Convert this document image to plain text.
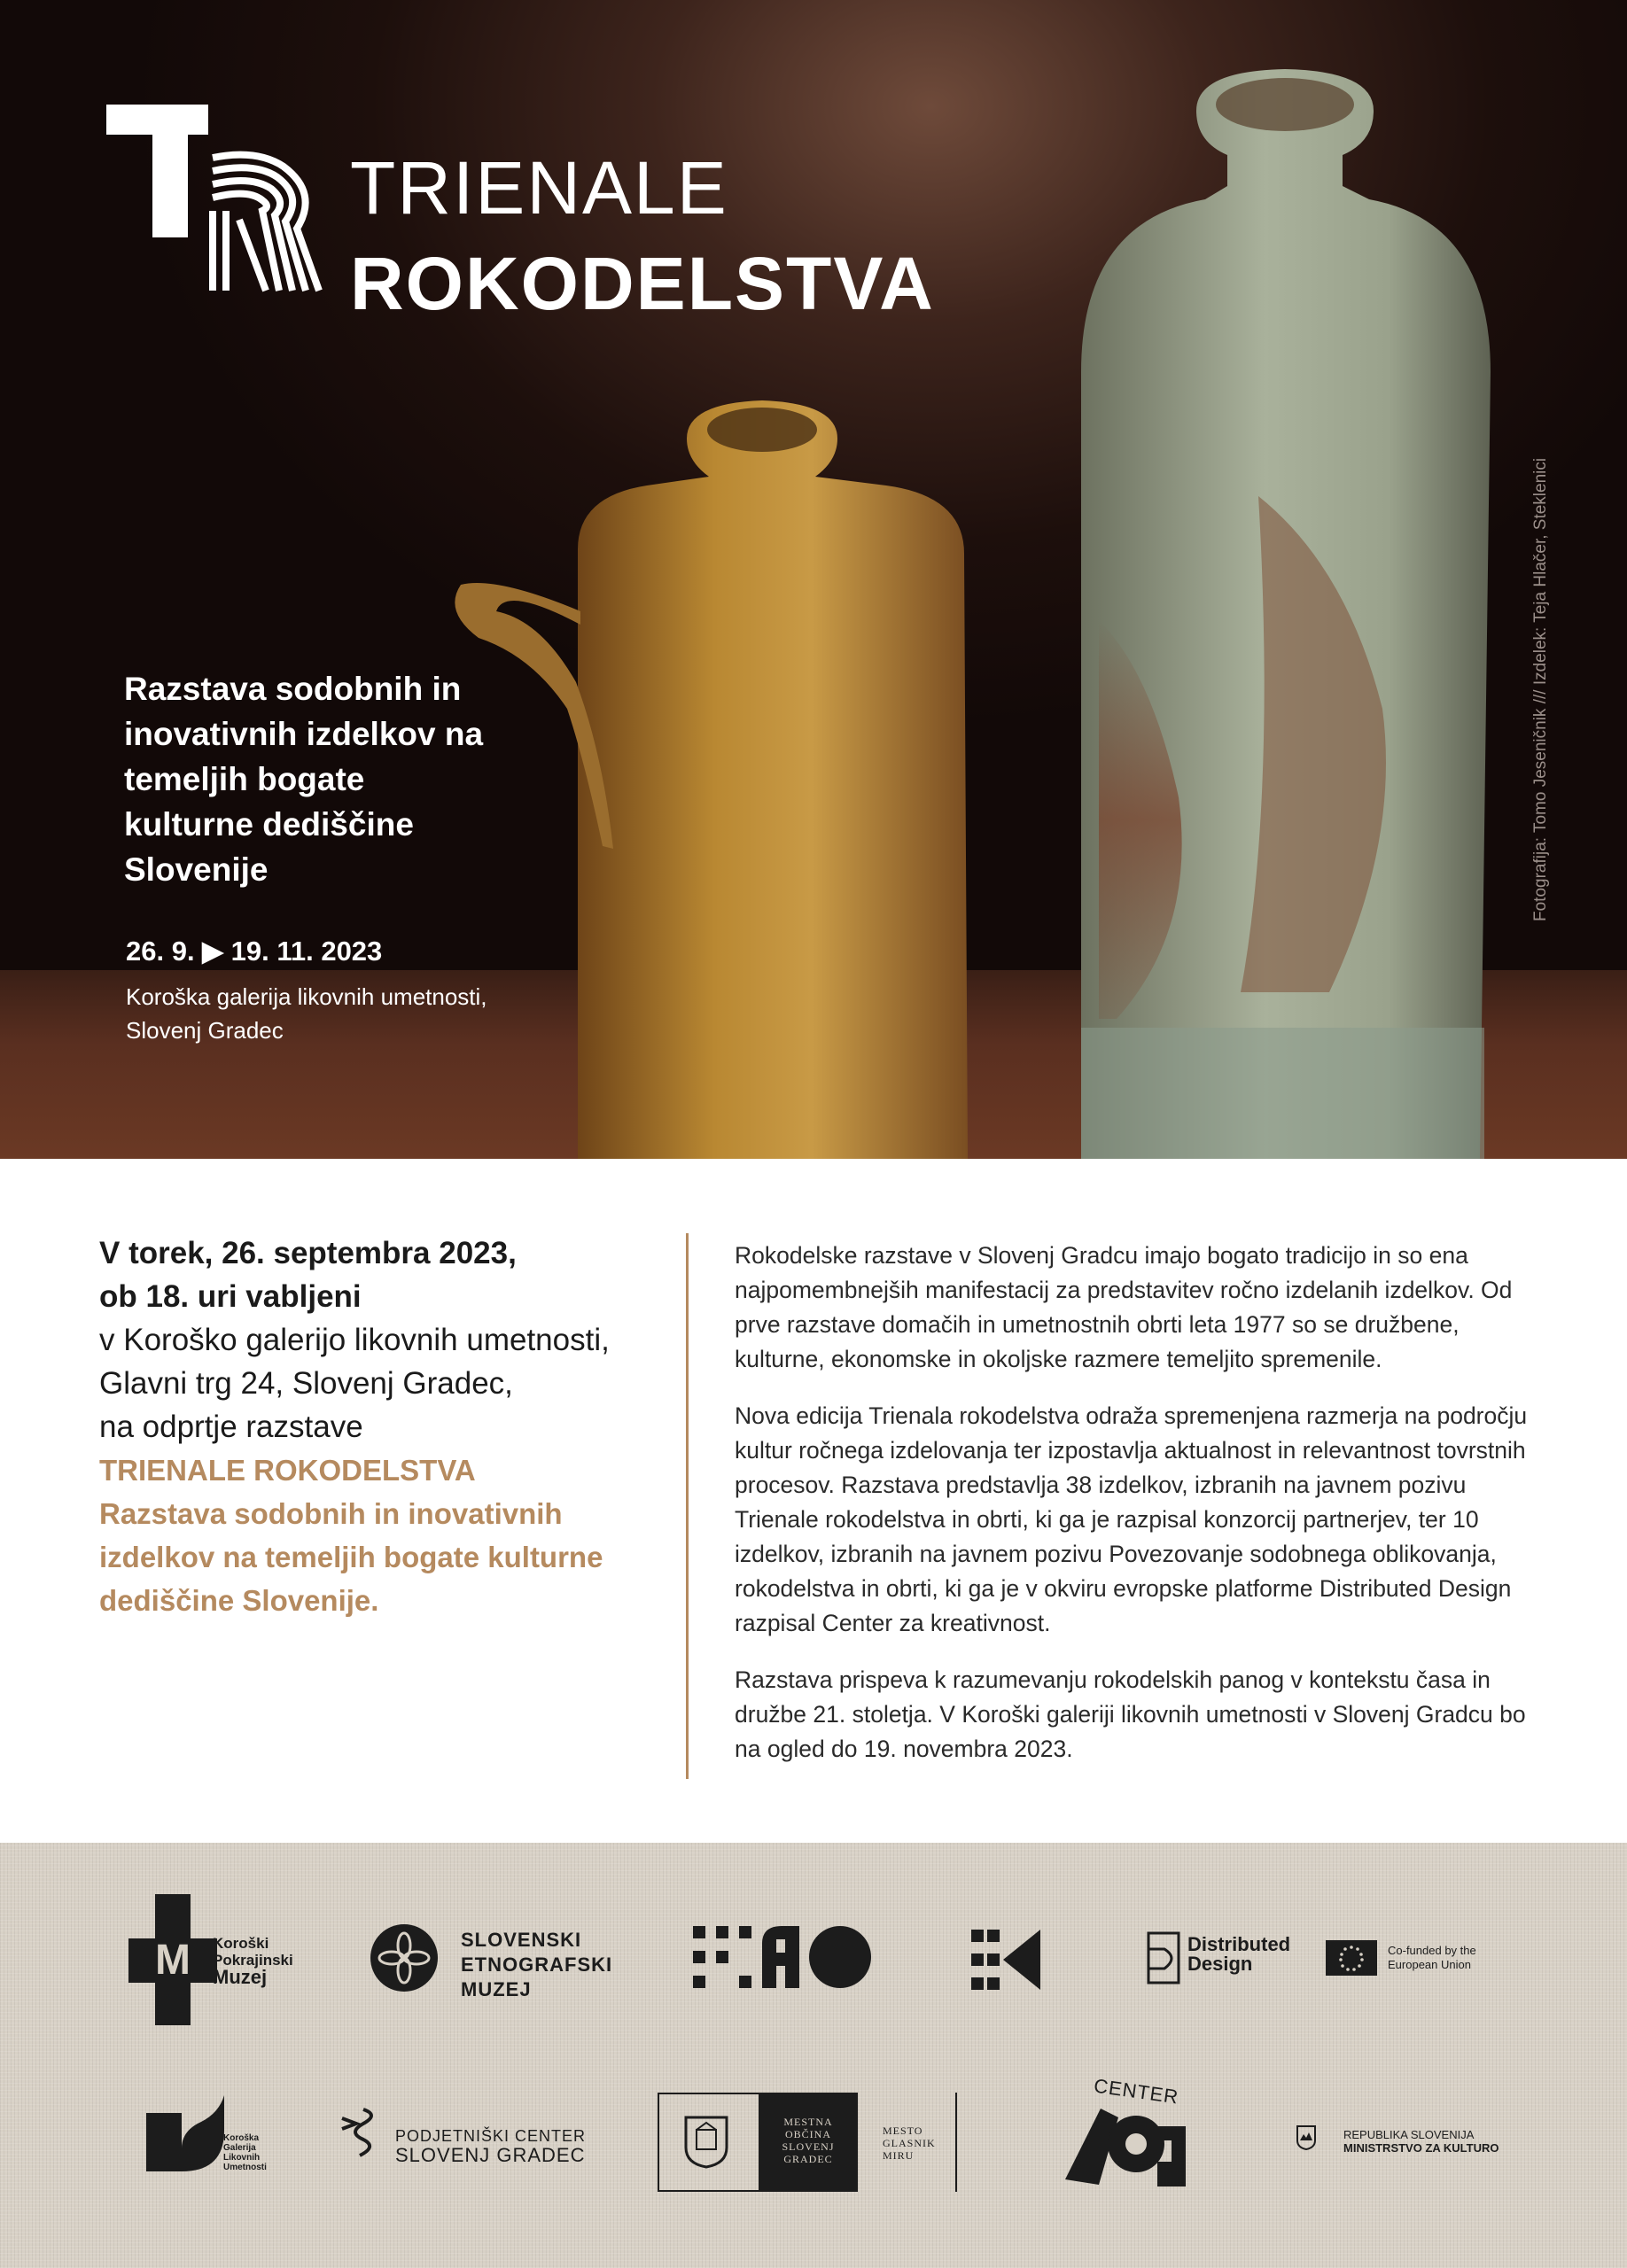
TRIENALE
ROKODELSTVA
Razstava sodobnih in inovativnih izdelkov na temeljih bogate kulturne dediščine Slovenije
26. 9. ▶ 19. 11. 2023
Koroška galerija likovnih umetnosti,
Slovenj Gradec
Fotografija: Tomo Jeseničnik /// Izdelek: Teja Hlačer, Steklenici
V torek, 26. septembra 2023,
ob 18. uri vabljeni
v Koroško galerijo likovnih umetnosti,
Glavni trg 24, Slovenj Gradec,
na odprtje razstave
TRIENALE ROKODELSTVA
Razstava sodobnih in inovativnih
izdelkov na temeljih bogate kulturne
dediščine Slovenije.

Rokodelske razstave v Slovenj Gradcu imajo bogato tradicijo in so ena najpomembnejših manifestacij za predstavitev ročno izdelanih izdelkov. Od prve razstave domačih in umetnostnih obrti leta 1977 so se družbene, kulturne, ekonomske in okoljske razmere temeljito spremenile.

Nova edicija Trienala rokodelstva odraža spremenjena razmerja na področju kultur ročnega izdelovanja ter izpostavlja aktualnost in relevantnost tovrstnih procesov. Razstava predstavlja 38 izdelkov, izbranih na javnem pozivu Trienale rokodelstva in obrti, ki ga je razpisal konzorcij partnerjev, ter 10 izdelkov, izbranih na javnem pozivu Povezovanje sodobnega oblikovanja, rokodelstva in obrti, ki ga je v okviru evropske platforme Distributed Design razpisal Center za kreativnost.

Razstava prispeva k razumevanju rokodelskih panog v kontekstu časa in družbe 21. stoletja. V Koroški galeriji likovnih umetnosti v Slovenj Gradcu bo na ogled do 19. novembra 2023.

M Koroški
Pokrajinski
Muzej
SLOVENSKI
ETNOGRAFSKI
MUZEJ
Distributed
Design
Co-funded by the
European Union
Koroška
Galerija
Likovnih
Umetnosti
PODJETNIŠKI CENTER
SLOVENJ GRADEC
MESTNA
OBČINA
SLOVENJ
GRADEC
MESTO
GLASNIK
MIRU
CENTER
REPUBLIKA SLOVENIJA
MINISTRSTVO ZA KULTURO
